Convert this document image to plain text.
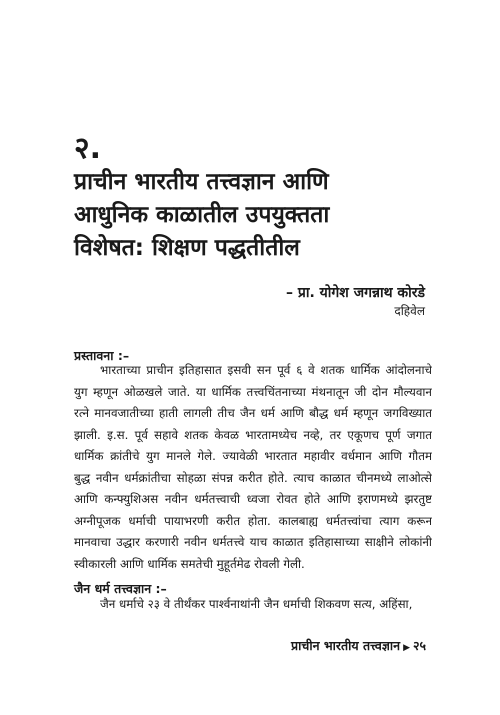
२.
प्राचीन भारतीय तत्त्वज्ञान आणि
आधुनिक काळातील उपयुक्तता
विशेषत: शिक्षण पद्धतीतील
– प्रा. योगेश जगन्नाथ कोरडे
दहिवेल
प्रस्तावना :–
भारताच्या प्राचीन इतिहासात इसवी सन पूर्व ६ वे शतक धार्मिक आंदोलनाचे
युग म्हणून ओळखले जाते. या धार्मिक तत्त्वचिंतनाच्या मंथनातून जी दोन मौल्यवान
रत्ने मानवजातीच्या हाती लागली तीच जैन धर्म आणि बौद्ध धर्म म्हणून जगविख्यात
झाली. इ.स. पूर्व सहावे शतक केवळ भारतामध्येच नव्हे, तर एकूणच पूर्ण जगात
धार्मिक क्रांतीचे युग मानले गेले. ज्यावेळी भारतात महावीर वर्धमान आणि गौतम
बुद्ध नवीन धर्मक्रांतीचा सोहळा संपन्न करीत होते. त्याच काळात चीनमध्ये लाओत्से
आणि कन्फ्युशिअस नवीन धर्मतत्त्वाची ध्वजा रोवत होते आणि इराणमध्ये झरतुष्ट
अग्नीपूजक धर्माची पायाभरणी करीत होता. कालबाह्य धर्मतत्त्वांचा त्याग करून
मानवाचा उद्धार करणारी नवीन धर्मतत्त्वे याच काळात इतिहासाच्या साक्षीने लोकांनी
स्वीकारली आणि धार्मिक समतेची मुहूर्तमेढ रोवली गेली.
जैन धर्म तत्त्वज्ञान :–
जैन धर्माचे २३ वे तीर्थंकर पार्श्वनाथांनी जैन धर्माची शिकवण सत्य, अहिंसा,
प्राचीन भारतीय तत्त्वज्ञान ▶ २५
